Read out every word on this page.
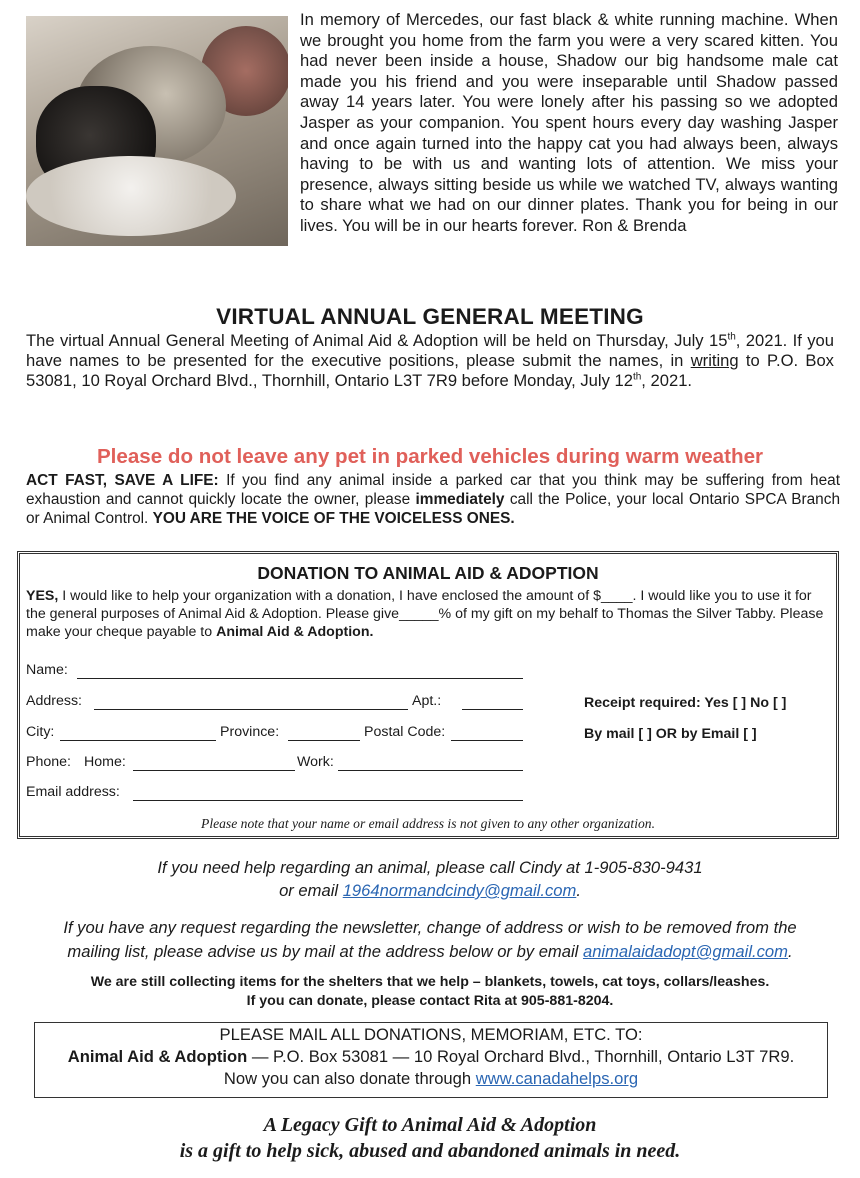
In memory of Mercedes, our fast black & white running machine. When we brought you home from the farm you were a very scared kitten. You had never been inside a house, Shadow our big handsome male cat made you his friend and you were inseparable until Shadow passed away 14 years later. You were lonely after his passing so we adopted Jasper as your companion. You spent hours every day washing Jasper and once again turned into the happy cat you had always been, always having to be with us and wanting lots of attention. We miss your presence, always sitting beside us while we watched TV, always wanting to share what we had on our dinner plates. Thank you for being in our lives. You will be in our hearts forever. Ron & Brenda
VIRTUAL ANNUAL GENERAL MEETING
The virtual Annual General Meeting of Animal Aid & Adoption will be held on Thursday, July 15th, 2021. If you have names to be presented for the executive positions, please submit the names, in writing to P.O. Box 53081, 10 Royal Orchard Blvd., Thornhill, Ontario L3T 7R9 before Monday, July 12th, 2021.
Please do not leave any pet in parked vehicles during warm weather
ACT FAST, SAVE A LIFE: If you find any animal inside a parked car that you think may be suffering from heat exhaustion and cannot quickly locate the owner, please immediately call the Police, your local Ontario SPCA Branch or Animal Control. YOU ARE THE VOICE OF THE VOICELESS ONES.
DONATION TO ANIMAL AID & ADOPTION
YES, I would like to help your organization with a donation, I have enclosed the amount of $____. I would like you to use it for the general purposes of Animal Aid & Adoption. Please give_____% of my gift on my behalf to Thomas the Silver Tabby. Please make your cheque payable to Animal Aid & Adoption.
Name:
Address:	Apt.:
City:	Province:	Postal Code:
Phone: Home:	Work:
Email address:
Receipt required: Yes [ ] No [ ]
By mail [ ] OR by Email [ ]
Please note that your name or email address is not given to any other organization.
If you need help regarding an animal, please call Cindy at 1-905-830-9431
or email 1964normandcindy@gmail.com.
If you have any request regarding the newsletter, change of address or wish to be removed from the
mailing list, please advise us by mail at the address below or by email animalaidadopt@gmail.com.
We are still collecting items for the shelters that we help – blankets, towels, cat toys, collars/leashes.
If you can donate, please contact Rita at 905-881-8204.
PLEASE MAIL ALL DONATIONS, MEMORIAM, ETC. TO:
Animal Aid & Adoption — P.O. Box 53081 — 10 Royal Orchard Blvd., Thornhill, Ontario L3T 7R9.
Now you can also donate through www.canadahelps.org
A Legacy Gift to Animal Aid & Adoption
is a gift to help sick, abused and abandoned animals in need.
